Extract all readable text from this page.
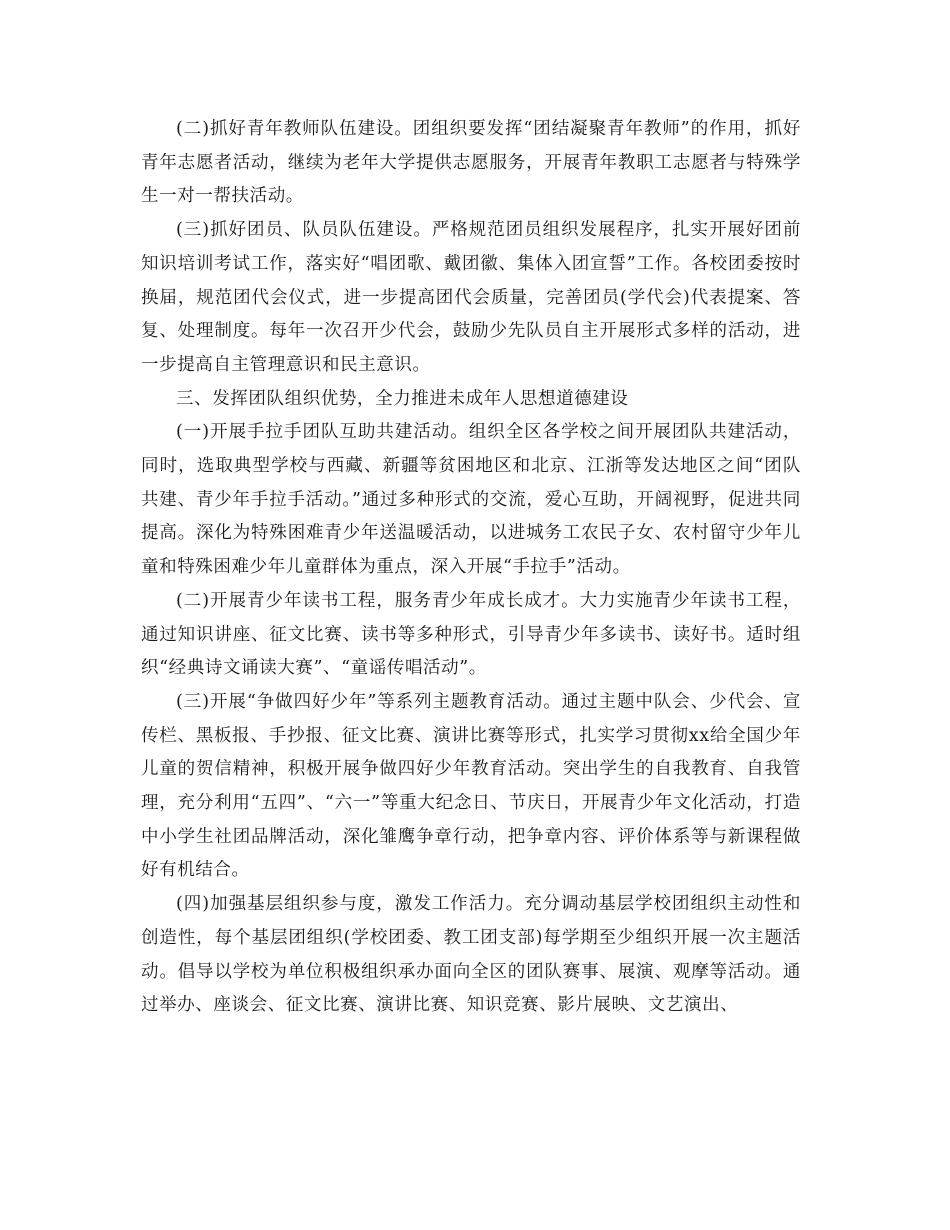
(二)抓好青年教师队伍建设。团组织要发挥“团结凝聚青年教师”的作用，抓好青年志愿者活动，继续为老年大学提供志愿服务，开展青年教职工志愿者与特殊学生一对一帮扶活动。

(三)抓好团员、队员队伍建设。严格规范团员组织发展程序，扎实开展好团前知识培训考试工作，落实好“唱团歌、戴团徽、集体入团宣誓”工作。各校团委按时换届，规范团代会仪式，进一步提高团代会质量，完善团员(学代会)代表提案、答复、处理制度。每年一次召开少代会，鼓励少先队员自主开展形式多样的活动，进一步提高自主管理意识和民主意识。

三、发挥团队组织优势，全力推进未成年人思想道德建设

(一)开展手拉手团队互助共建活动。组织全区各学校之间开展团队共建活动，同时，选取典型学校与西藏、新疆等贫困地区和北京、江浙等发达地区之间“团队共建、青少年手拉手活动。”通过多种形式的交流，爱心互助，开阔视野，促进共同提高。深化为特殊困难青少年送温暖活动，以进城务工农民子女、农村留守少年儿童和特殊困难少年儿童群体为重点，深入开展“手拉手”活动。

(二)开展青少年读书工程，服务青少年成长成才。大力实施青少年读书工程，通过知识讲座、征文比赛、读书等多种形式，引导青少年多读书、读好书。适时组织“经典诗文诵读大赛”、“童谣传唱活动”。

(三)开展“争做四好少年”等系列主题教育活动。通过主题中队会、少代会、宣传栏、黑板报、手抄报、征文比赛、演讲比赛等形式，扎实学习贯彻xx给全国少年儿童的贺信精神，积极开展争做四好少年教育活动。突出学生的自我教育、自我管理，充分利用“五四”、“六一”等重大纪念日、节庆日，开展青少年文化活动，打造中小学生社团品牌活动，深化雏鹰争章行动，把争章内容、评价体系等与新课程做好有机结合。

(四)加强基层组织参与度，激发工作活力。充分调动基层学校团组织主动性和创造性，每个基层团组织(学校团委、教工团支部)每学期至少组织开展一次主题活动。倡导以学校为单位积极组织承办面向全区的团队赛事、展演、观摩等活动。通过举办、座谈会、征文比赛、演讲比赛、知识竞赛、影片展映、文艺演出、
